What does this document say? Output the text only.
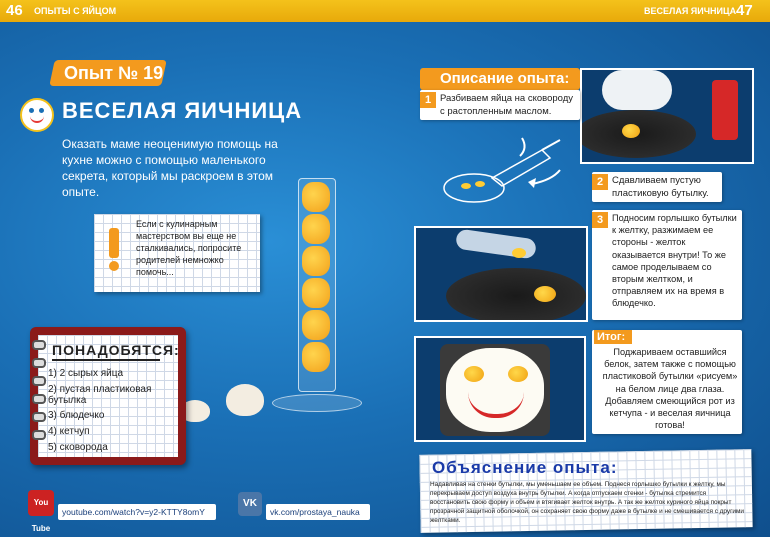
46 ОПЫТЫ С ЯЙЦОМ	ВЕСЕЛАЯ ЯИЧНИЦА 47
Опыт № 19
ВЕСЕЛАЯ ЯИЧНИЦА
Оказать маме неоценимую помощь на кухне можно с помощью маленького секрета, который мы раскроем в этом опыте.
Если с кулинарным мастерством вы еще не сталкивались, попросите родителей немножко помочь...
ПОНАДОБЯТСЯ:
1) 2 сырых яйца
2) пустая пластиковая бутылка
3) блюдечко
4) кетчуп
5) сковорода
You Tube
youtube.com/watch?v=y2-KTTY8omY
VK
vk.com/prostaya_nauka
Описание опыта:
1 Разбиваем яйца на сковороду с растопленным маслом.
2 Сдавливаем пустую пластиковую бутылку.
3 Подносим горлышко бутылки к желтку, разжимаем ее стороны - желток оказывается внутри! То же самое проделываем со вторым желтком, и отправляем их на время в блюдечко.
Итог:
Поджариваем оставшийся белок, затем также с помощью пластиковой бутылки «рисуем» на белом лице два глаза. Добавляем смеющийся рот из кетчупа - и веселая яичница готова!
Объяснение опыта:
Надавливая на стенки бутылки, мы уменьшаем ее объем. Поднеся горлышко бутылки к желтку, мы перекрываем доступ воздуха внутрь бутылки. А когда отпускаем стенки - бутылка стремится восстановить свою форму и объем и втягивает желток внутрь. А так же желток куриного яйца покрыт прозрачной защитной оболочкой, он сохраняет свою форму даже в бутылке и не смешивается с другими желтками.
